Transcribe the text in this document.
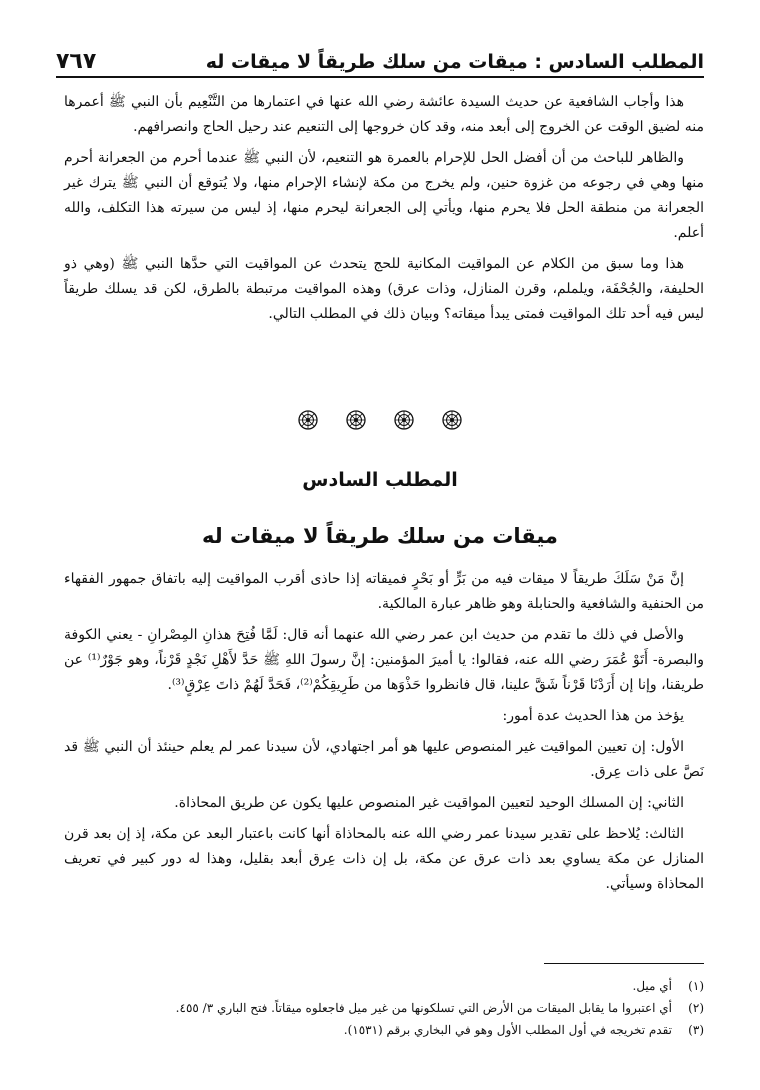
المطلب السادس : ميقات من سلك طريقاً لا ميقات له
٧٦٧

هذا وأجاب الشافعية عن حديث السيدة عائشة رضي الله عنها في اعتمارها من التَّنْعِيم بأن النبي ﷺ أعمرها منه لضيق الوقت عن الخروج إلى أبعد منه، وقد كان خروجها إلى التنعيم عند رحيل الحاج وانصرافهم.

والظاهر للباحث من أن أفضل الحل للإحرام بالعمرة هو التنعيم، لأن النبي ﷺ عندما أحرم من الجعرانة أحرم منها وهي في رجوعه من غزوة حنين، ولم يخرج من مكة لإنشاء الإحرام منها، ولا يُتوقع أن النبي ﷺ يترك غير الجعرانة من منطقة الحل فلا يحرم منها، ويأتي إلى الجعرانة ليحرم منها، إذ ليس من سيرته هذا التكلف، والله أعلم.

هذا وما سبق من الكلام عن المواقيت المكانية للحج يتحدث عن المواقيت التي حدَّها النبي ﷺ (وهي ذو الحليفة، والجُحْفَة، ويلملم، وقرن المنازل، وذات عرق) وهذه المواقيت مرتبطة بالطرق، لكن قد يسلك طريقاً ليس فيه أحد تلك المواقيت فمتى يبدأ ميقاته؟ وبيان ذلك في المطلب التالي.

المطلب السادس
ميقات من سلك طريقاً لا ميقات له

إنَّ مَنْ سَلَكَ طريقاً لا ميقات فيه من بَرٍّ أو بَحْرٍ فميقاته إذا حاذى أقرب المواقيت إليه باتفاق جمهور الفقهاء من الحنفية والشافعية والحنابلة وهو ظاهر عبارة المالكية.

والأصل في ذلك ما تقدم من حديث ابن عمر رضي الله عنهما أنه قال: لَمَّا فُتِحَ هذانِ المِصْرانِ - يعني الكوفة والبصرة- أَتَوْ عُمَرَ رضي الله عنه، فقالوا: يا أميرَ المؤمنين: إنَّ رسولَ اللهِ ﷺ حَدَّ لأَهْلِ نَجْدٍ قَرْناً، وهو جَوْرٌ⁽¹⁾ عن طريقنا، وإنا إن أَرَدْنَا قَرْناً شَقَّ علينا، قال فانظروا حَذْوَها من طَرِيقِكُمْ⁽²⁾، فَحَدَّ لَهُمْ ذاتَ عِرْقٍ⁽³⁾.

يؤخذ من هذا الحديث عدة أمور:

الأول: إن تعيين المواقيت غير المنصوص عليها هو أمر اجتهادي، لأن سيدنا عمر لم يعلم حينئذ أن النبي ﷺ قد نَصَّ على ذات عِرق.

الثاني: إن المسلك الوحيد لتعيين المواقيت غير المنصوص عليها يكون عن طريق المحاذاة.

الثالث: يُلاحظ على تقدير سيدنا عمر رضي الله عنه بالمحاذاة أنها كانت باعتبار البعد عن مكة، إذ إن بعد قرن المنازل عن مكة يساوي بعد ذات عرق عن مكة، بل إن ذات عِرق أبعد بقليل، وهذا له دور كبير في تعريف المحاذاة وسيأتي.

(١)
أي ميل.
(٢)
أي اعتبروا ما يقابل الميقات من الأرض التي تسلكونها من غير ميل فاجعلوه ميقاتاً. فتح الباري ٣/ ٤٥٥.
(٣)
تقدم تخريجه في أول المطلب الأول وهو في البخاري برقم (١٥٣١).
